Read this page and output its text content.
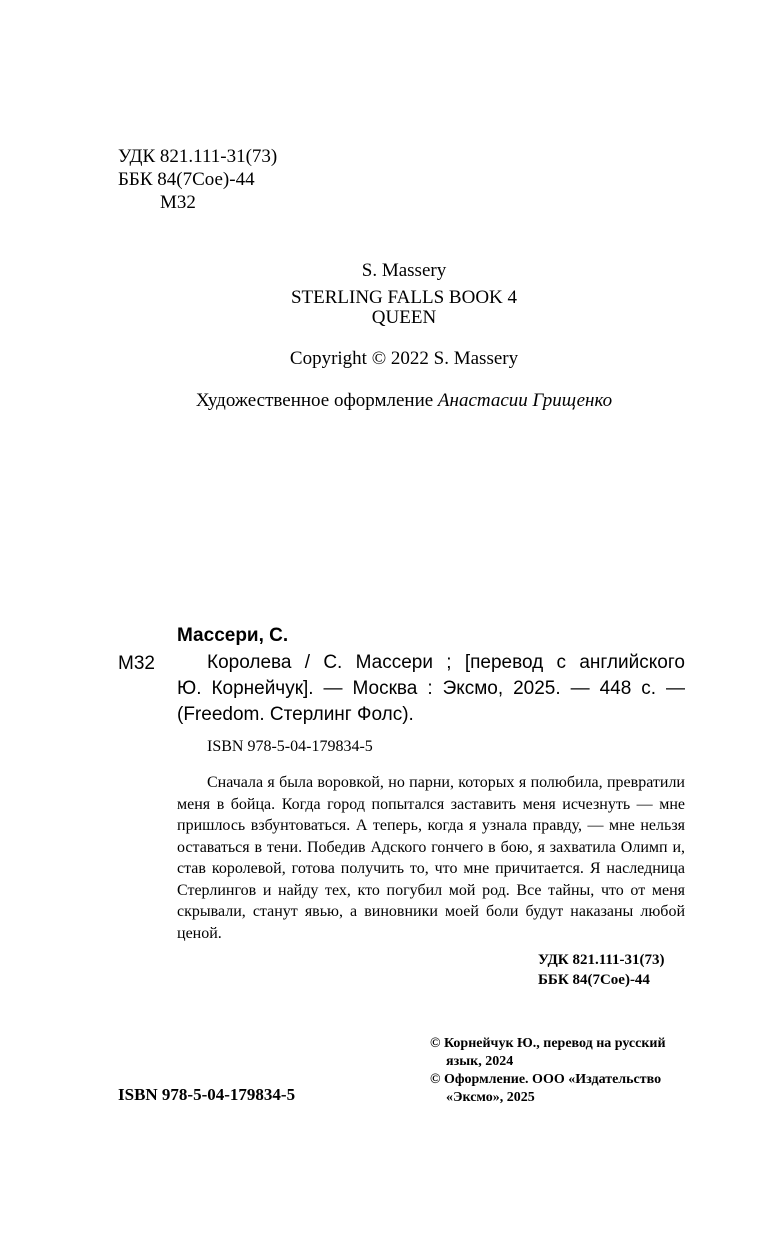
УДК 821.111-31(73)
ББК 84(7Сое)-44
М32
S. Massery
STERLING FALLS BOOK 4
QUEEN
Copyright © 2022 S. Massery
Художественное оформление Анастасии Грищенко
Массери, С.
М32	Королева / С. Массери ; [перевод с английского
Ю. Корнейчук]. — Москва : Эксмо, 2025. — 448 с. —
(Freedom. Стерлинг Фолс).
ISBN 978-5-04-179834-5
Сначала я была воровкой, но парни, которых я полюбила, превратили меня в бойца. Когда город попытался заставить меня исчезнуть — мне пришлось взбунтоваться. А теперь, когда я узнала правду, — мне нельзя оставаться в тени. Победив Адского гончего в бою, я захватила Олимп и, став королевой, готова получить то, что мне причитается. Я наследница Стерлингов и найду тех, кто погубил мой род. Все тайны, что от меня скрывали, станут явью, а виновники моей боли будут наказаны любой ценой.
УДК 821.111-31(73)
ББК 84(7Сое)-44
© Корнейчук Ю., перевод на русский
язык, 2024
© Оформление. ООО «Издательство
«Эксмо», 2025
ISBN 978-5-04-179834-5
